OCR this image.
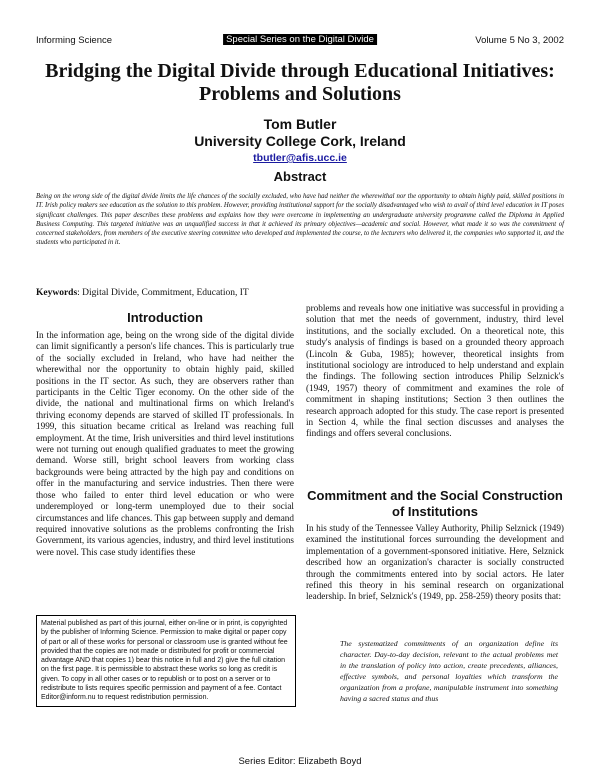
Informing Science	Special Series on the Digital Divide	Volume 5 No 3, 2002
Bridging the Digital Divide through Educational Initiatives: Problems and Solutions
Tom Butler
University College Cork, Ireland
tbutler@afis.ucc.ie
Abstract

Being on the wrong side of the digital divide limits the life chances of the socially excluded, who have had neither the wherewithal nor the opportunity to obtain highly paid, skilled positions in IT. Irish policy makers see education as the solution to this problem. However, providing institutional support for the socially disadvantaged who wish to avail of third level education in IT poses significant challenges. This paper describes these problems and explains how they were overcome in implementing an undergraduate university programme called the Diploma in Applied Business Computing. This targeted initiative was an unqualified success in that it achieved its primary objectives—academic and social. However, what made it so was the commitment of concerned stakeholders, from members of the executive steering committee who developed and implemented the course, to the lecturers who delivered it, the companies who supported it, and the students who participated in it.

Keywords: Digital Divide, Commitment, Education, IT
Introduction

In the information age, being on the wrong side of the digital divide can limit significantly a person's life chances. This is particularly true of the socially excluded in Ireland, who have had neither the wherewithal nor the opportunity to obtain highly paid, skilled positions in the IT sector. As such, they are observers rather than participants in the Celtic Tiger economy. On the other side of the divide, the national and multinational firms on which Ireland's thriving economy depends are starved of skilled IT professionals. In 1999, this situation became critical as Ireland was reaching full employment. At the time, Irish universities and third level institutions were not turning out enough qualified graduates to meet the growing demand. Worse still, bright school leavers from working class backgrounds were being attracted by the high pay and conditions on offer in the manufacturing and service industries. Then there were those who failed to enter third level education or who were underemployed or long-term unemployed due to their social circumstances and life chances. This gap between supply and demand required innovative solutions as the problems confronting the Irish Government, its various agencies, industry, and third level institutions were novel. This case study identifies these

problems and reveals how one initiative was successful in providing a solution that met the needs of government, industry, third level institutions, and the socially excluded. On a theoretical note, this study's analysis of findings is based on a grounded theory approach (Lincoln & Guba, 1985); however, theoretical insights from institutional sociology are introduced to help understand and explain the findings. The following section introduces Philip Selznick's (1949, 1957) theory of commitment and examines the role of commitment in shaping institutions; Section 3 then outlines the research approach adopted for this study. The case report is presented in Section 4, while the final section discusses and analyses the findings and offers several conclusions.

Commitment and the Social Construction of Institutions

In his study of the Tennessee Valley Authority, Philip Selznick (1949) examined the institutional forces surrounding the development and implementation of a government-sponsored initiative. Here, Selznick described how an organization's character is socially constructed through the commitments entered into by social actors. He later refined this theory in his seminal research on organizational leadership. In brief, Selznick's (1949, pp. 258-259) theory posits that:

The systematized commitments of an organization define its character. Day-to-day decision, relevant to the actual problems met in the translation of policy into action, create precedents, alliances, effective symbols, and personal loyalties which transform the organization from a profane, manipulable instrument into something having a sacred status and thus

Material published as part of this journal, either on-line or in print, is copyrighted by the publisher of Informing Science. Permission to make digital or paper copy of part or all of these works for personal or classroom use is granted without fee provided that the copies are not made or distributed for profit or commercial advantage AND that copies 1) bear this notice in full and 2) give the full citation on the first page. It is permissible to abstract these works so long as credit is given. To copy in all other cases or to republish or to post on a server or to redistribute to lists requires specific permission and payment of a fee. Contact Editor@inform.nu to request redistribution permission.

Series Editor: Elizabeth Boyd
